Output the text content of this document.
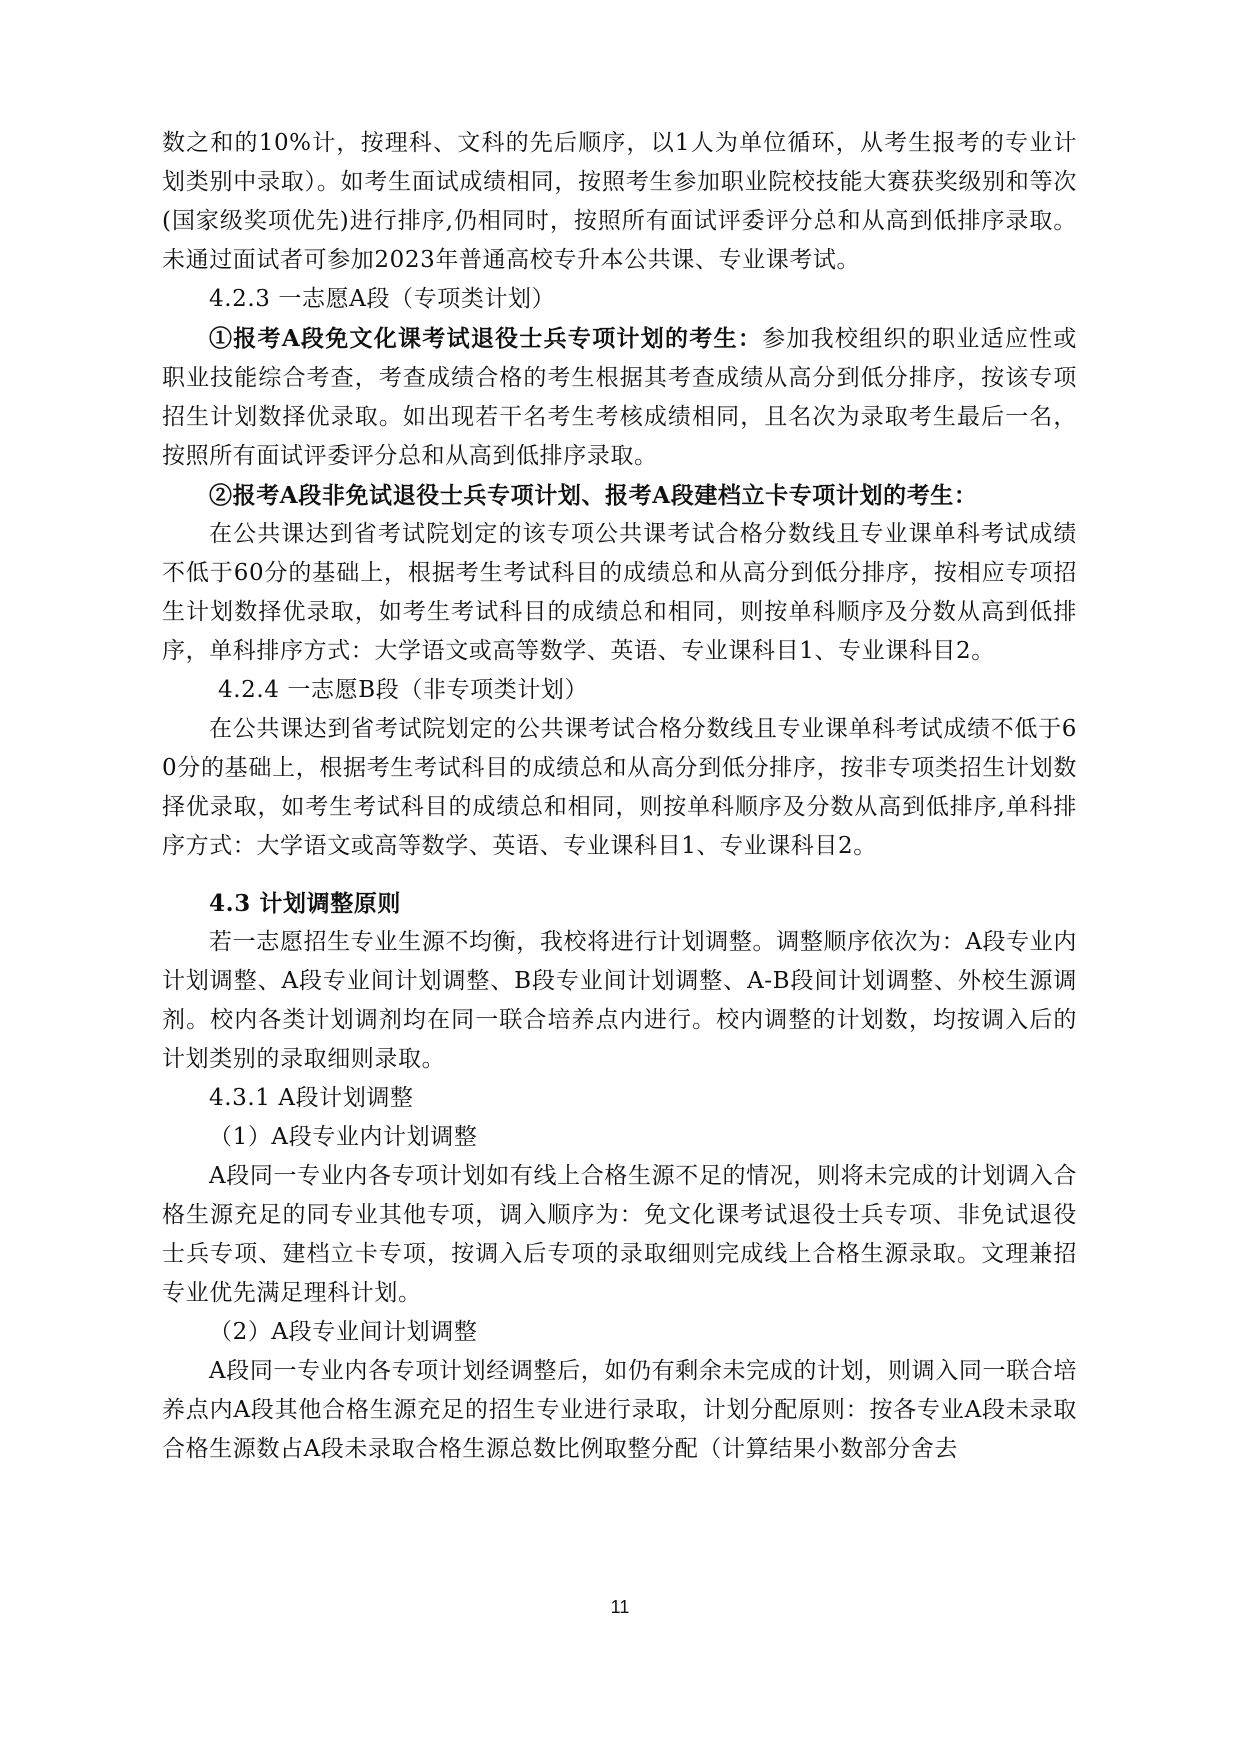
数之和的10%计，按理科、文科的先后顺序，以1人为单位循环，从考生报考的专业计划类别中录取）。如考生面试成绩相同，按照考生参加职业院校技能大赛获奖级别和等次(国家级奖项优先)进行排序,仍相同时，按照所有面试评委评分总和从高到低排序录取。未通过面试者可参加2023年普通高校专升本公共课、专业课考试。

4.2.3 一志愿A段（专项类计划）

①报考A段免文化课考试退役士兵专项计划的考生：参加我校组织的职业适应性或职业技能综合考查，考查成绩合格的考生根据其考查成绩从高分到低分排序，按该专项招生计划数择优录取。如出现若干名考生考核成绩相同，且名次为录取考生最后一名，按照所有面试评委评分总和从高到低排序录取。

②报考A段非免试退役士兵专项计划、报考A段建档立卡专项计划的考生：

在公共课达到省考试院划定的该专项公共课考试合格分数线且专业课单科考试成绩不低于60分的基础上，根据考生考试科目的成绩总和从高分到低分排序，按相应专项招生计划数择优录取，如考生考试科目的成绩总和相同，则按单科顺序及分数从高到低排序，单科排序方式：大学语文或高等数学、英语、专业课科目1、专业课科目2。

4.2.4 一志愿B段（非专项类计划）

在公共课达到省考试院划定的公共课考试合格分数线且专业课单科考试成绩不低于60分的基础上，根据考生考试科目的成绩总和从高分到低分排序，按非专项类招生计划数择优录取，如考生考试科目的成绩总和相同，则按单科顺序及分数从高到低排序,单科排序方式：大学语文或高等数学、英语、专业课科目1、专业课科目2。

4.3 计划调整原则

若一志愿招生专业生源不均衡，我校将进行计划调整。调整顺序依次为：A段专业内计划调整、A段专业间计划调整、B段专业间计划调整、A-B段间计划调整、外校生源调剂。校内各类计划调剂均在同一联合培养点内进行。校内调整的计划数，均按调入后的计划类别的录取细则录取。

4.3.1 A段计划调整

（1）A段专业内计划调整

A段同一专业内各专项计划如有线上合格生源不足的情况，则将未完成的计划调入合格生源充足的同专业其他专项，调入顺序为：免文化课考试退役士兵专项、非免试退役士兵专项、建档立卡专项，按调入后专项的录取细则完成线上合格生源录取。文理兼招专业优先满足理科计划。

（2）A段专业间计划调整

A段同一专业内各专项计划经调整后，如仍有剩余未完成的计划，则调入同一联合培养点内A段其他合格生源充足的招生专业进行录取，计划分配原则：按各专业A段未录取合格生源数占A段未录取合格生源总数比例取整分配（计算结果小数部分舍去

11
